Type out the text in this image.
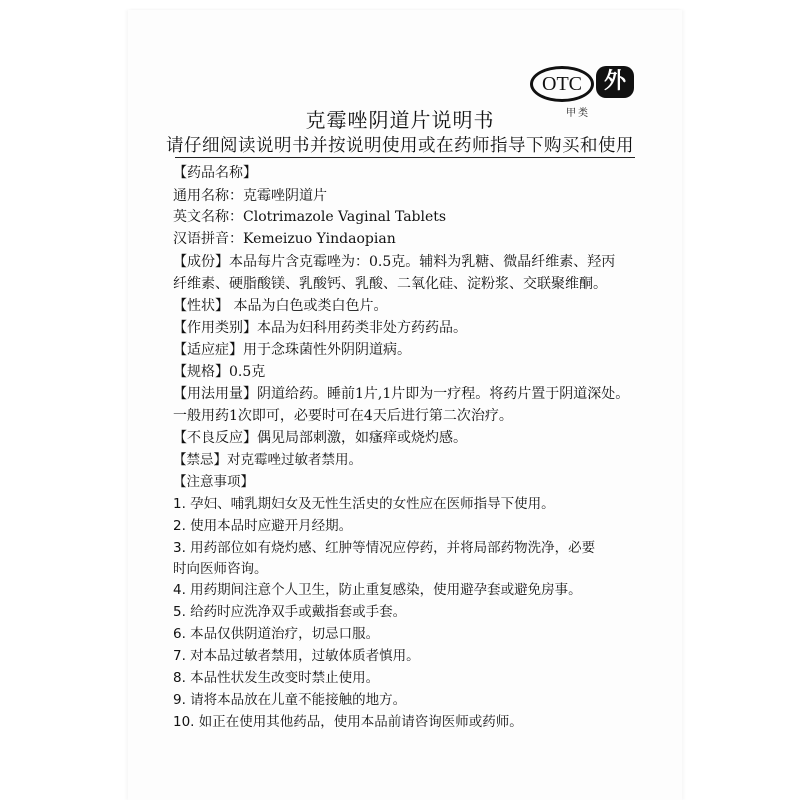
OTC 外
甲类
克霉唑阴道片说明书
请仔细阅读说明书并按说明使用或在药师指导下购买和使用
【药品名称】
通用名称：克霉唑阴道片
英文名称：Clotrimazole Vaginal Tablets
汉语拼音：Kemeizuo Yindaopian
【成份】本品每片含克霉唑为：0.5克。辅料为乳糖、微晶纤维素、羟丙
纤维素、硬脂酸镁、乳酸钙、乳酸、二氧化硅、淀粉浆、交联聚维酮。
【性状】 本品为白色或类白色片。
【作用类别】本品为妇科用药类非处方药药品。
【适应症】用于念珠菌性外阴阴道病。
【规格】0.5克
【用法用量】阴道给药。睡前1片,1片即为一疗程。将药片置于阴道深处。
一般用药1次即可，必要时可在4天后进行第二次治疗。
【不良反应】偶见局部刺激，如瘙痒或烧灼感。
【禁忌】对克霉唑过敏者禁用。
【注意事项】
1. 孕妇、哺乳期妇女及无性生活史的女性应在医师指导下使用。
2. 使用本品时应避开月经期。
3. 用药部位如有烧灼感、红肿等情况应停药，并将局部药物洗净，必要
时向医师咨询。
4. 用药期间注意个人卫生，防止重复感染，使用避孕套或避免房事。
5. 给药时应洗净双手或戴指套或手套。
6. 本品仅供阴道治疗，切忌口服。
7. 对本品过敏者禁用，过敏体质者慎用。
8. 本品性状发生改变时禁止使用。
9. 请将本品放在儿童不能接触的地方。
10. 如正在使用其他药品，使用本品前请咨询医师或药师。
